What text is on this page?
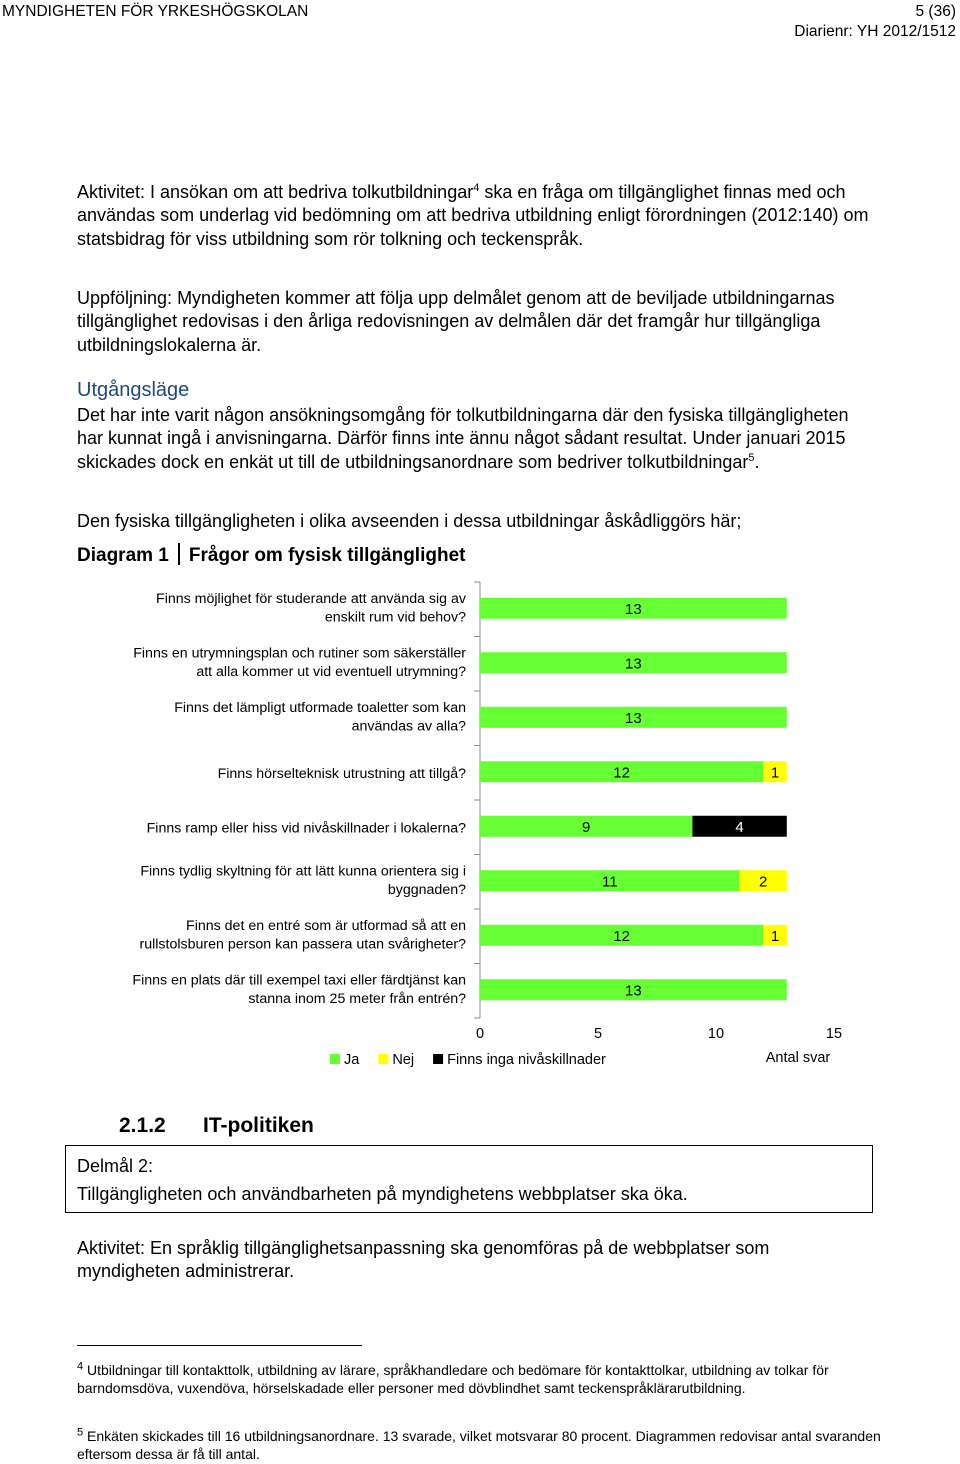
MYNDIGHETEN FÖR YRKESHÖGSKOLAN	5 (36)
Diarienr: YH 2012/1512

Aktivitet: I ansökan om att bedriva tolkutbildningar$^4$ ska en fråga om tillgänglighet finnas med och användas som underlag vid bedömning om att bedriva utbildning enligt förordningen (2012:140) om statsbidrag för viss utbildning som rör tolkning och teckenspråk.

Uppföljning: Myndigheten kommer att följa upp delmålet genom att de beviljade utbildningarnas tillgänglighet redovisas i den årliga redovisningen av delmålen där det framgår hur tillgängliga utbildningslokalerna är.

Utgångsläge

Det har inte varit någon ansökningsomgång för tolkutbildningarna där den fysiska tillgängligheten har kunnat ingå i anvisningarna. Därför finns inte ännu något sådant resultat. Under januari 2015 skickades dock en enkät ut till de utbildningsanordnare som bedriver tolkutbildningar$^5$.

Den fysiska tillgängligheten i olika avseenden i dessa utbildningar åskådliggörs här;

Diagram 1 Frågor om fysisk tillgänglighet
Finns möjlighet för studerande att använda sig av enskilt rum vid behov?	13
Finns en utrymningsplan och rutiner som säkerställer att alla kommer ut vid eventuell utrymning?	13
Finns det lämpligt utformade toaletter som kan användas av alla?	13
Finns hörselteknisk utrustning att tillgå?	12	1
Finns ramp eller hiss vid nivåskillnader i lokalerna?	9	4
Finns tydlig skyltning för att lätt kunna orientera sig i byggnaden?	11	2
Finns det en entré som är utformad så att en rullstolsburen person kan passera utan svårigheter?	12	1
Finns en plats där till exempel taxi eller färdtjänst kan stanna inom 25 meter från entrén?	13
0	5	10	15
Antal svar
Ja Nej Finns inga nivåskillnader
2.1.2 IT-politiken
Delmål 2:
Tillgängligheten och användbarheten på myndighetens webbplatser ska öka.

Aktivitet: En språklig tillgänglighetsanpassning ska genomföras på de webbplatser som myndigheten administrerar.

$^4$ Utbildningar till kontakttolk, utbildning av lärare, språkhandledare och bedömare för kontakttolkar, utbildning av tolkar för barndomsdöva, vuxendöva, hörselskadade eller personer med dövblindhet samt teckenspråklärarutbildning.

$^5$ Enkäten skickades till 16 utbildningsanordnare. 13 svarade, vilket motsvarar 80 procent. Diagrammen redovisar antal svaranden eftersom dessa är få till antal.
